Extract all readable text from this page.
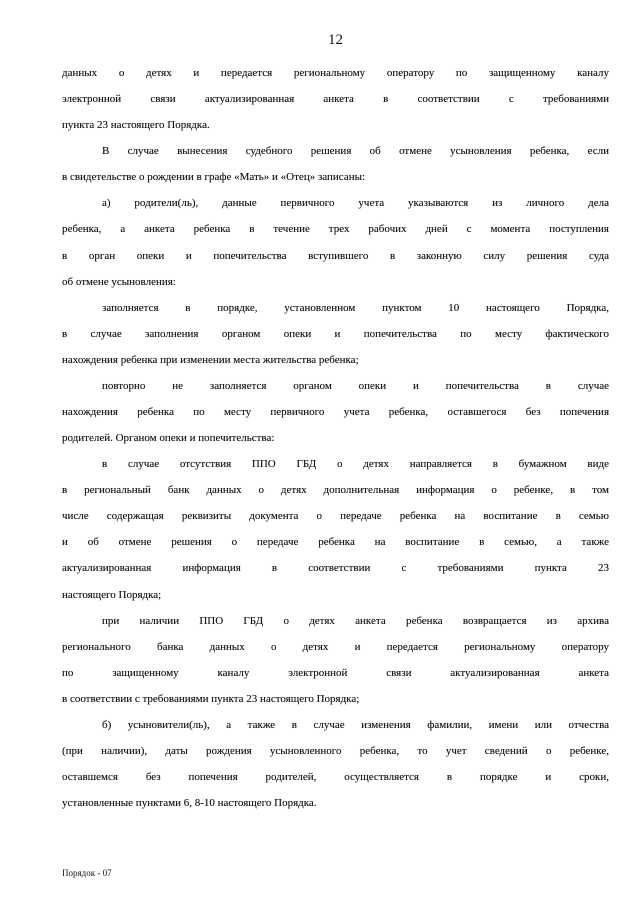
12
данных о детях и передается региональному оператору по защищенному каналу
электронной связи актуализированная анкета в соответствии с требованиями
пункта 23 настоящего Порядка.
В случае вынесения судебного решения об отмене усыновления ребенка, если
в свидетельстве о рождении в графе «Мать» и «Отец» записаны:
а) родители(ль), данные первичного учета указываются из личного дела
ребенка, а анкета ребенка в течение трех рабочих дней с момента поступления
в орган опеки и попечительства вступившего в законную силу решения суда
об отмене усыновления:
заполняется в порядке, установленном пунктом 10 настоящего Порядка,
в случае заполнения органом опеки и попечительства по месту фактического
нахождения ребенка при изменении места жительства ребенка;
повторно не заполняется органом опеки и попечительства в случае
нахождения ребенка по месту первичного учета ребенка, оставшегося без попечения
родителей. Органом опеки и попечительства:
в случае отсутствия ППО ГБД о детях направляется в бумажном виде
в региональный банк данных о детях дополнительная информация о ребенке, в том
числе содержащая реквизиты документа о передаче ребенка на воспитание в семью
и об отмене решения о передаче ребенка на воспитание в семью, а также
актуализированная информация в соответствии с требованиями пункта 23
настоящего Порядка;
при наличии ППО ГБД о детях анкета ребенка возвращается из архива
регионального банка данных о детях и передается региональному оператору
по защищенному каналу электронной связи актуализированная анкета
в соответствии с требованиями пункта 23 настоящего Порядка;
б) усыновители(ль), а также в случае изменения фамилии, имени или отчества
(при наличии), даты рождения усыновленного ребенка, то учет сведений о ребенке,
оставшемся без попечения родителей, осуществляется в порядке и сроки,
установленные пунктами 6, 8-10 настоящего Порядка.
Порядок - 07
